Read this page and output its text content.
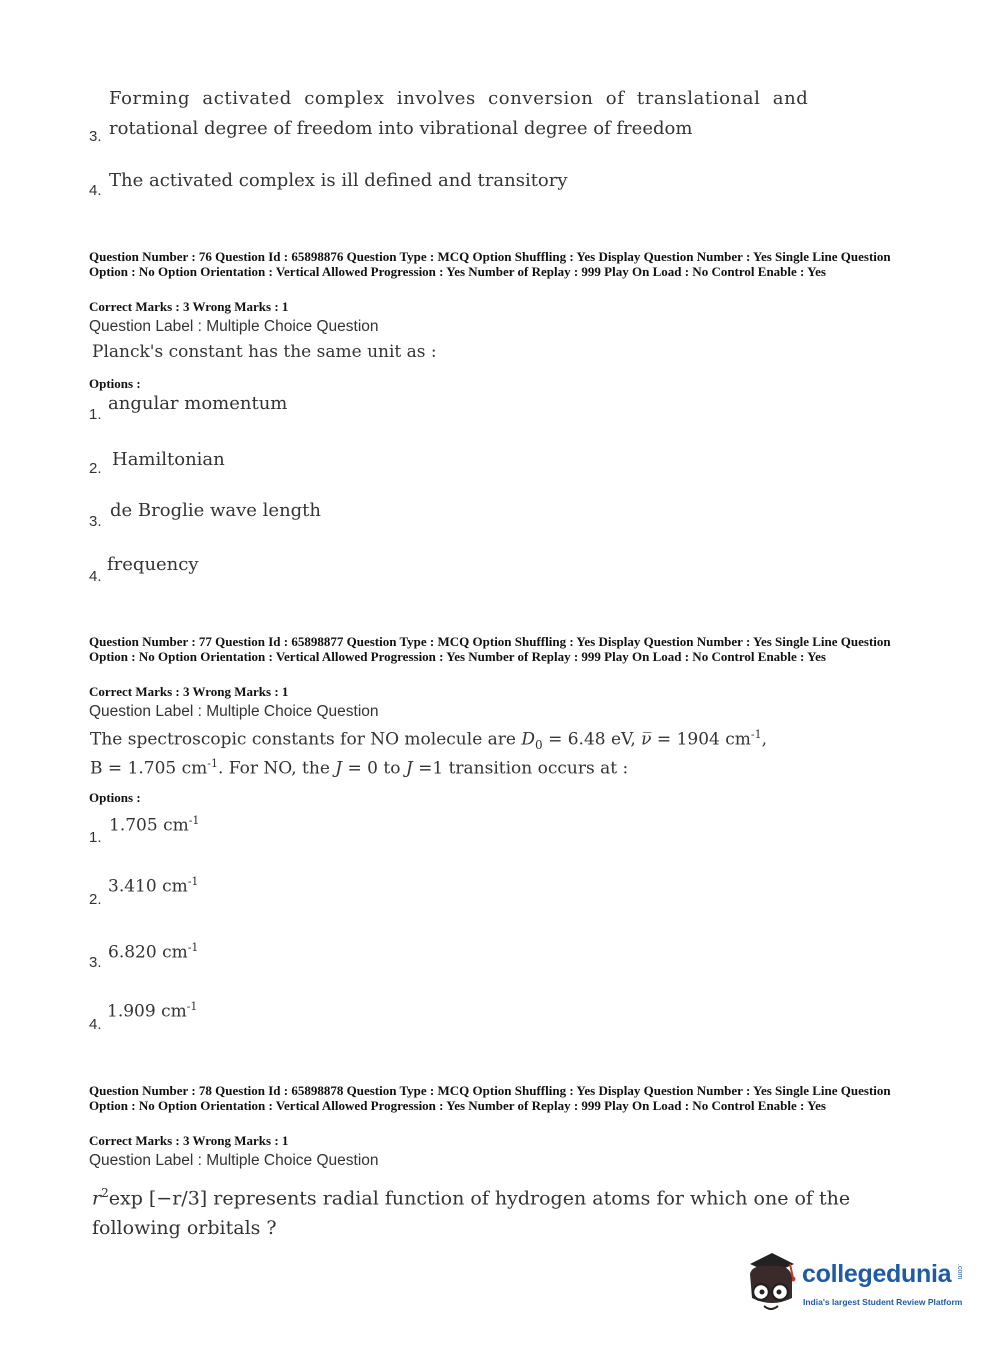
Forming activated complex involves conversion of translational and
3. rotational degree of freedom into vibrational degree of freedom
4. The activated complex is ill defined and transitory
Question Number : 76 Question Id : 65898876 Question Type : MCQ Option Shuffling : Yes Display Question Number : Yes Single Line Question Option : No Option Orientation : Vertical Allowed Progression : Yes Number of Replay : 999 Play On Load : No Control Enable : Yes
Correct Marks : 3 Wrong Marks : 1
Question Label : Multiple Choice Question
Planck's constant has the same unit as :
Options :
1.
angular momentum
2. Hamiltonian
3.
de Broglie wave length
4.
frequency
Question Number : 77 Question Id : 65898877 Question Type : MCQ Option Shuffling : Yes Display Question Number : Yes Single Line Question Option : No Option Orientation : Vertical Allowed Progression : Yes Number of Replay : 999 Play On Load : No Control Enable : Yes
Correct Marks : 3 Wrong Marks : 1
Question Label : Multiple Choice Question
The spectroscopic constants for NO molecule are $D_0 = 6.48$ eV, ν̅ = 1904 $cm^{-1}$,
B = 1.705 $cm^{-1}$. For NO, the J = 0 to J =1 transition occurs at :
Options :
1.
1.705 $cm^{-1}$
2.
3.410 $cm^{-1}$
3. 6.820 $cm^{-1}$
4.
1.909 $cm^{-1}$
Question Number : 78 Question Id : 65898878 Question Type : MCQ Option Shuffling : Yes Display Question Number : Yes Single Line Question Option : No Option Orientation : Vertical Allowed Progression : Yes Number of Replay : 999 Play On Load : No Control Enable : Yes
Correct Marks : 3 Wrong Marks : 1
Question Label : Multiple Choice Question
$r^2\exp$ [−r/3] represents radial function of hydrogen atoms for which one of the
following orbitals ?
collegedunia .com
India's largest Student Review Platform
